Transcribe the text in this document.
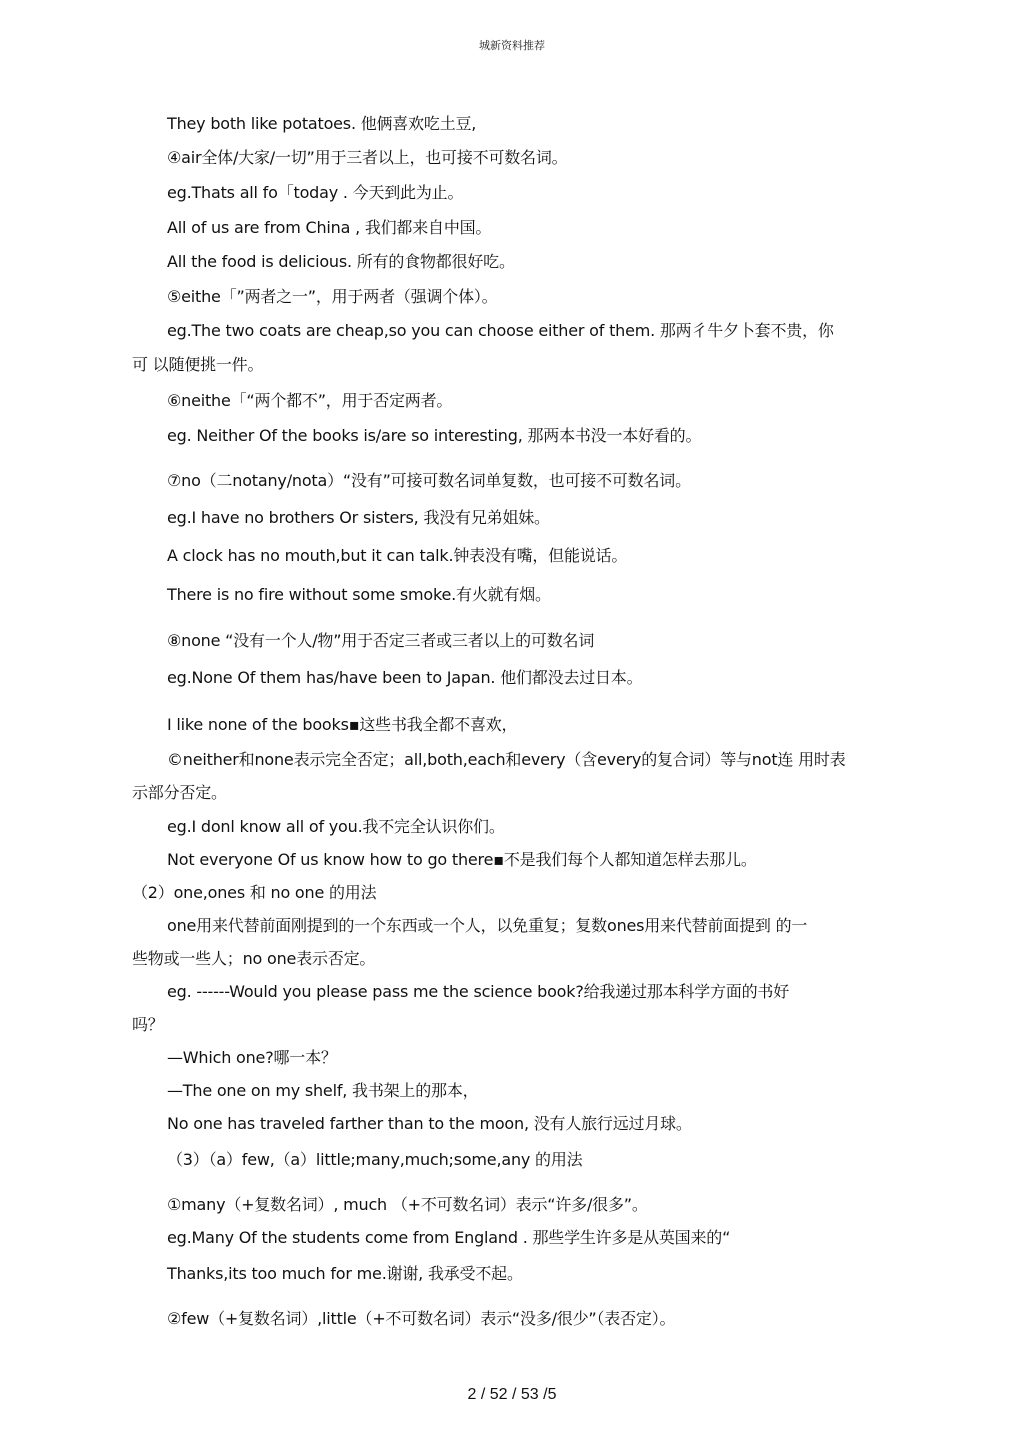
城新资料推荐
They both like potatoes. 他俩喜欢吃土豆,
④air全体/大家/一切”用于三者以上，也可接不可数名词。
eg.Thats all fo「today . 今天到此为止。
All of us are from China , 我们都来自中国。
All the food is delicious. 所有的食物都很好吃。
⑤eithe「”两者之一”，用于两者（强调个体）。
eg.The two coats are cheap,so you can choose either of them. 那两彳牛夕卜套不贵，你
可 以随便挑一件。
⑥neithe「“两个都不”，用于否定两者。
eg. Neither Of the books is/are so interesting, 那两本书没一本好看的。
⑦no（二notany/nota）“没有”可接可数名词单复数，也可接不可数名词。
eg.I have no brothers Or sisters, 我没有兄弟姐妹。
A clock has no mouth,but it can talk.钟表没有嘴，但能说话。
There is no fire without some smoke.有火就有烟。
⑧none “没有一个人/物”用于否定三者或三者以上的可数名词
eg.None Of them has/have been to Japan. 他们都没去过日本。
I like none of the books▪这些书我全都不喜欢，
©neither和none表示完全否定；all,both,each和every（含every的复合词）等与not连 用时表
示部分否定。
eg.I donl know all of you.我不完全认识你们。
Not everyone Of us know how to go there▪不是我们每个人都知道怎样去那儿。
（2）one,ones 和 no one 的用法
one用来代替前面刚提到的一个东西或一个人，以免重复；复数ones用来代替前面提到 的一
些物或一些人；no one表示否定。
eg. ------Would you please pass me the science book?给我递过那本科学方面的书好
吗？
—Which one?哪一本？
—The one on my shelf, 我书架上的那本，
No one has traveled farther than to the moon, 没有人旅行远过月球。
（3）（a）few,（a）little;many,much;some,any 的用法
①many（+复数名词）, much （+不可数名词）表示“许多/很多”。
eg.Many Of the students come from England . 那些学生许多是从英国来的“
Thanks,its too much for me.谢谢, 我承受不起。
②few（+复数名词）,little（+不可数名词）表示“没多/很少”（表否定）。
2 / 52 / 53 /5
